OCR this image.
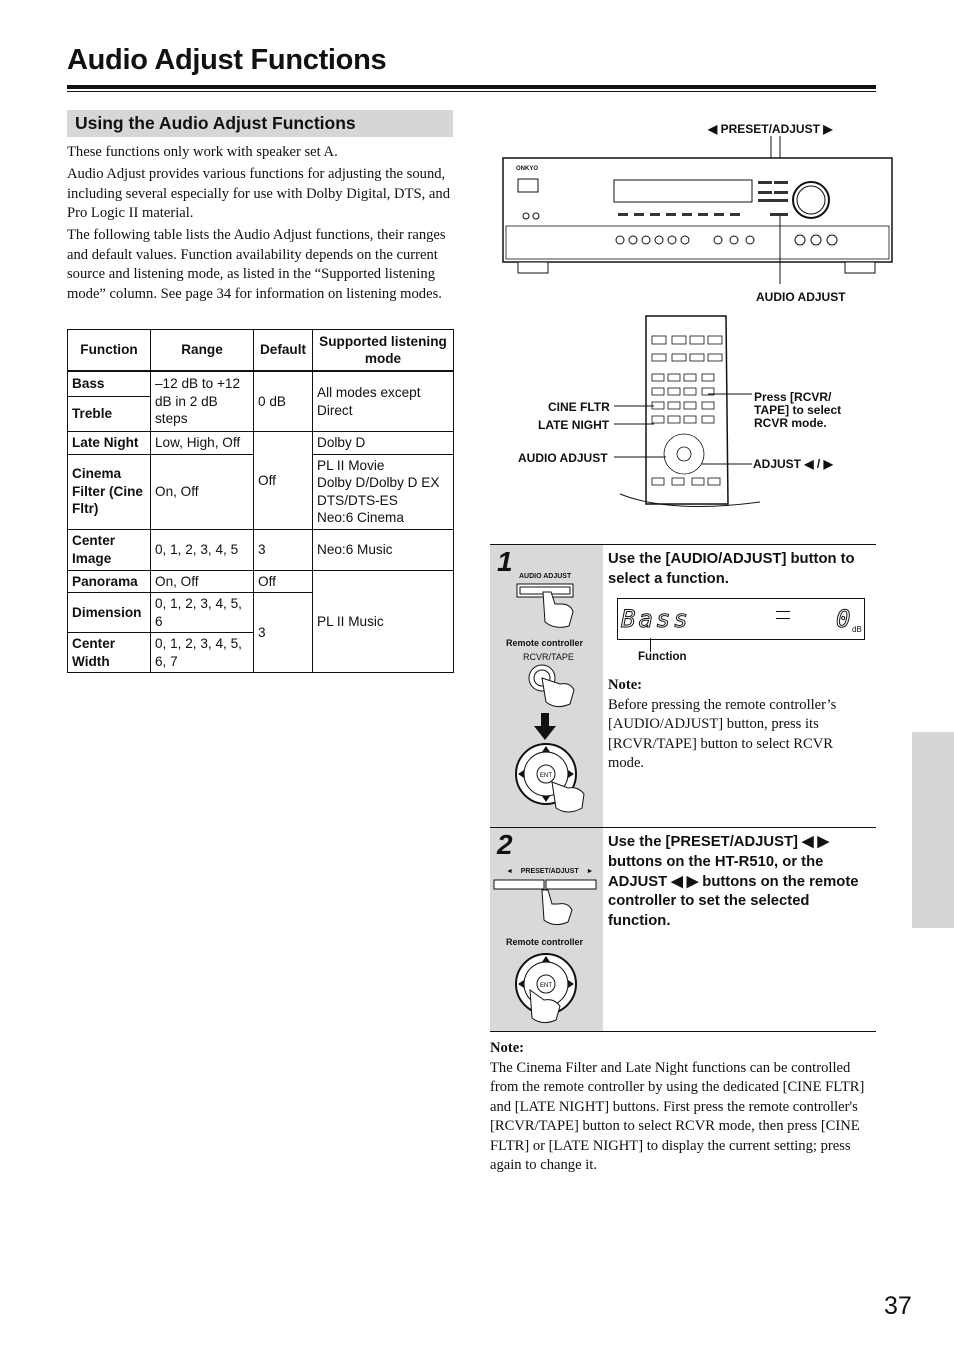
Audio Adjust Functions
Using the Audio Adjust Functions
These functions only work with speaker set A.
Audio Adjust provides various functions for adjusting the sound, including several especially for use with Dolby Digital, DTS, and Pro Logic II material.
The following table lists the Audio Adjust functions, their ranges and default values. Function availability depends on the current source and listening mode, as listed in the “Supported listening mode” column. See page 34 for information on listening modes.
Function	Range	Default	Supported listening mode
Bass	–12 dB to +12 dB in 2 dB steps	0 dB	All modes except Direct
Treble			
Late Night	Low, High, Off	Off	Dolby D
Cinema Filter (Cine Fltr)	On, Off		PL II Movie
Dolby D/Dolby D EX
DTS/DTS-ES
Neo:6 Cinema

Center Image	0, 1, 2, 3, 4, 5	3	Neo:6 Music
Panorama	On, Off	Off	PL II Music
Dimension	0, 1, 2, 3, 4, 5, 6	3	
Center Width	0, 1, 2, 3, 4, 5, 6, 7		
◀ PRESET/ADJUST ▶
ONKYO
AUDIO ADJUST
CINE FLTR
LATE NIGHT
AUDIO ADJUST
Press [RCVR/
TAPE] to select
RCVR mode.
ADJUST ◀ / ▶
1 AUDIO ADJUST
Remote controller
RCVR/TAPE
ENT
Use the [AUDIO/ADJUST] button to select a function.
Bass	0 dB
Function
Note:
Before pressing the remote controller’s [AUDIO/ADJUST] button, press its [RCVR/TAPE] button to select RCVR mode.
2
◄    PRESET/ADJUST    ►
Remote controller
ENT
Use the [PRESET/ADJUST] ◀ ▶ buttons on the HT-R510, or the ADJUST ◀ ▶ buttons on the remote controller to set the selected function.
Note:
The Cinema Filter and Late Night functions can be controlled from the remote controller by using the dedicated [CINE FLTR] and [LATE NIGHT] buttons. First press the remote controller's [RCVR/TAPE] button to select RCVR mode, then press [CINE FLTR] or [LATE NIGHT] to display the current setting; press again to change it.
37
